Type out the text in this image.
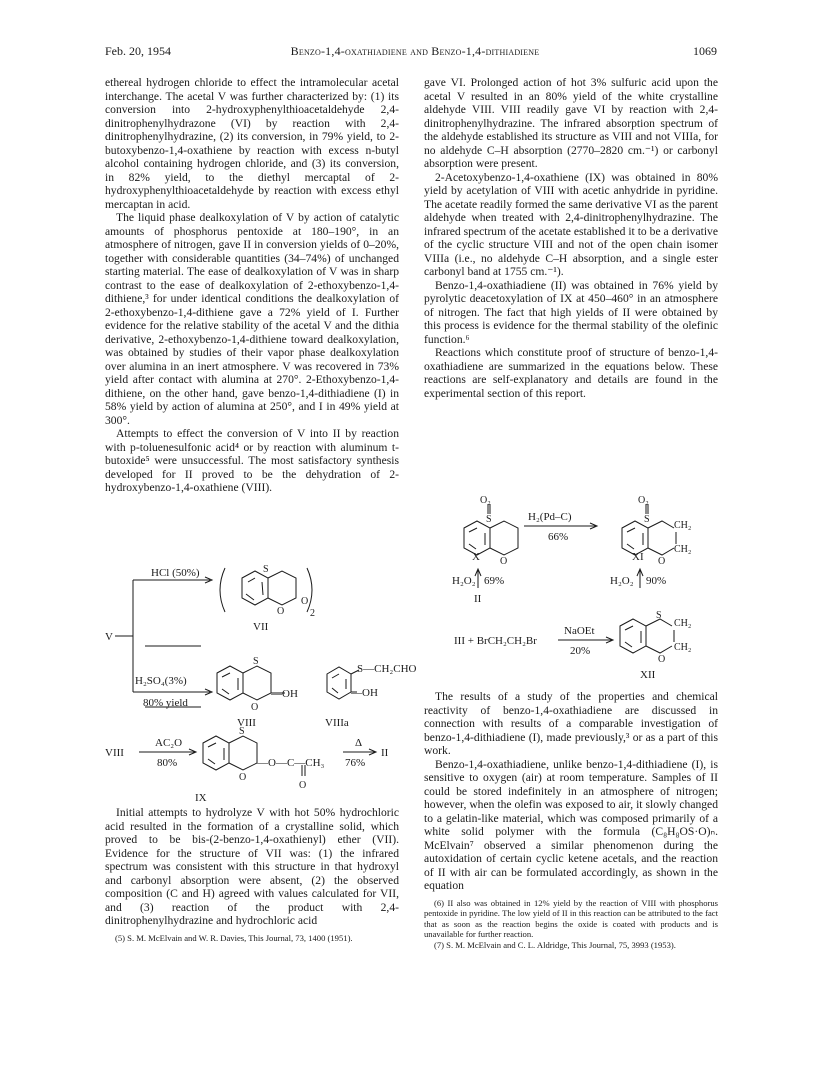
Feb. 20, 1954	Benzo-1,4-oxathiadiene and Benzo-1,4-dithiadiene	1069

ethereal hydrogen chloride to effect the intramolecular acetal interchange. The acetal V was further characterized by: (1) its conversion into 2-hydroxyphenylthioacetaldehyde 2,4-dinitrophenylhydrazone (VI) by reaction with 2,4-dinitrophenylhydrazine, (2) its conversion, in 79% yield, to 2-butoxybenzo-1,4-oxathiene by reaction with excess n-butyl alcohol containing hydrogen chloride, and (3) its conversion, in 82% yield, to the diethyl mercaptal of 2-hydroxyphenylthioacetaldehyde by reaction with excess ethyl mercaptan in acid.

The liquid phase dealkoxylation of V by action of catalytic amounts of phosphorus pentoxide at 180–190°, in an atmosphere of nitrogen, gave II in conversion yields of 0–20%, together with considerable quantities (34–74%) of unchanged starting material. The ease of dealkoxylation of V was in sharp contrast to the ease of dealkoxylation of 2-ethoxybenzo-1,4-dithiene,³ for under identical conditions the dealkoxylation of 2-ethoxybenzo-1,4-dithiene gave a 72% yield of I. Further evidence for the relative stability of the acetal V and the dithia derivative, 2-ethoxybenzo-1,4-dithiene toward dealkoxylation, was obtained by studies of their vapor phase dealkoxylation over alumina in an inert atmosphere. V was recovered in 73% yield after contact with alumina at 270°. 2-Ethoxybenzo-1,4-dithiene, on the other hand, gave benzo-1,4-dithiadiene (I) in 58% yield by action of alumina at 250°, and I in 49% yield at 300°.

Attempts to effect the conversion of V into II by reaction with p-toluenesulfonic acid⁴ or by reaction with aluminum t-butoxide⁵ were unsuccessful. The most satisfactory synthesis developed for II proved to be the dehydration of 2-hydroxybenzo-1,4-oxathiene (VIII).

HCl (50%)
V
S
O
O
2
VII
H₂SO₄(3%)
80% yield
S
O
—OH
VIII
S—CH₂CHO
—OH
VIIIa
VIII
AC₂O
80%
S
O
—O—C—CH₃
O
IX
Δ
76%
II

Initial attempts to hydrolyze V with hot 50% hydrochloric acid resulted in the formation of a crystalline solid, which proved to be bis-(2-benzo-1,4-oxathienyl) ether (VII). Evidence for the structure of VII was: (1) the infrared spectrum was consistent with this structure in that hydroxyl and carbonyl absorption were absent, (2) the observed composition (C and H) agreed with values calculated for VII, and (3) reaction of the product with 2,4-dinitrophenylhydrazine and hydrochloric acid

(5) S. M. McElvain and W. R. Davies, This Journal, 73, 1400 (1951).

gave VI. Prolonged action of hot 3% sulfuric acid upon the acetal V resulted in an 80% yield of the white crystalline aldehyde VIII. VIII readily gave VI by reaction with 2,4-dinitrophenylhydrazine. The infrared absorption spectrum of the aldehyde established its structure as VIII and not VIIIa, for no aldehyde C–H absorption (2770–2820 cm.⁻¹) or carbonyl absorption were present.

2-Acetoxybenzo-1,4-oxathiene (IX) was obtained in 80% yield by acetylation of VIII with acetic anhydride in pyridine. The acetate readily formed the same derivative VI as the parent aldehyde when treated with 2,4-dinitrophenylhydrazine. The infrared spectrum of the acetate established it to be a derivative of the cyclic structure VIII and not of the open chain isomer VIIIa (i.e., no aldehyde C–H absorption, and a single ester carbonyl band at 1755 cm.⁻¹).

Benzo-1,4-oxathiadiene (II) was obtained in 76% yield by pyrolytic deacetoxylation of IX at 450–460° in an atmosphere of nitrogen. The fact that high yields of II were obtained by this process is evidence for the thermal stability of the olefinic function.⁶

Reactions which constitute proof of structure of benzo-1,4-oxathiadiene are summarized in the equations below. These reactions are self-explanatory and details are found in the experimental section of this report.

O₂
S
O
H₂(Pd–C)
66%
O₂
S
O
CH₂
CH₂
X	XI
H₂O₂ 69%	H₂O₂ 90%
II
III + BrCH₂CH₂Br
NaOEt
20%
S
O
CH₂
CH₂
XII

The results of a study of the properties and chemical reactivity of benzo-1,4-oxathiadiene are discussed in connection with results of a comparable investigation of benzo-1,4-dithiadiene (I), made previously,³ or as a part of this work.

Benzo-1,4-oxathiadiene, unlike benzo-1,4-dithiadiene (I), is sensitive to oxygen (air) at room temperature. Samples of II could be stored indefinitely in an atmosphere of nitrogen; however, when the olefin was exposed to air, it slowly changed to a gelatin-like material, which was composed primarily of a white solid polymer with the formula (C₈H₈OS·O)ₙ. McElvain⁷ observed a similar phenomenon during the autoxidation of certain cyclic ketene acetals, and the reaction of II with air can be formulated accordingly, as shown in the equation

(6) II also was obtained in 12% yield by the reaction of VIII with phosphorus pentoxide in pyridine. The low yield of II in this reaction can be attributed to the fact that as soon as the reaction begins the oxide is coated with products and is unavailable for further reaction.

(7) S. M. McElvain and C. L. Aldridge, This Journal, 75, 3993 (1953).
